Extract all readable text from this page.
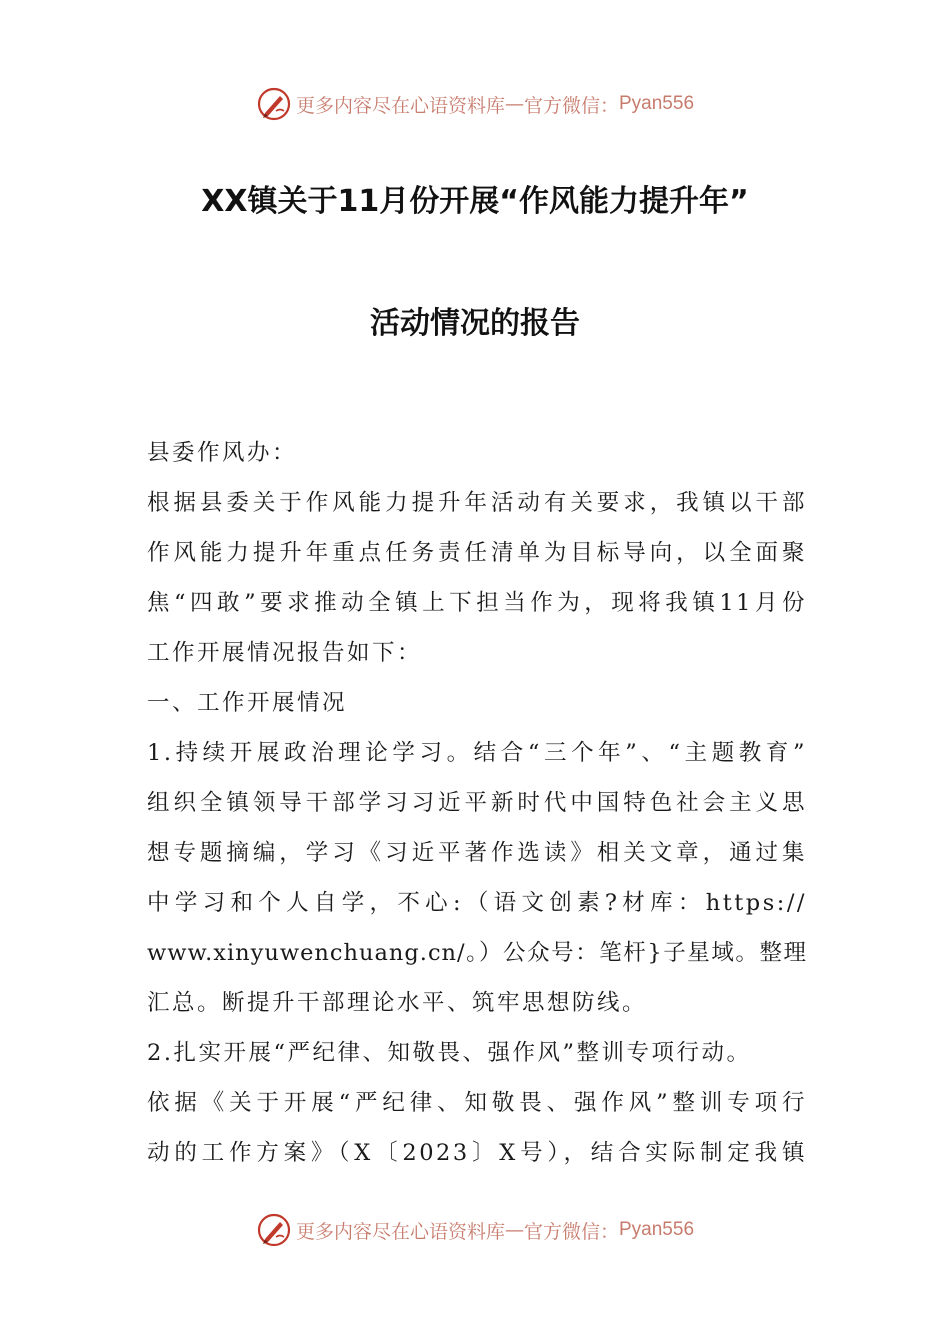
更多内容尽在心语资料库 — 官方微信： Pyan556
XX镇关于11月份开展“作风能力提升年”
活动情况的报告

县委作风办：

根据县委关于作风能力提升年活动有关要求，我镇以干部

作风能力提升年重点任务责任清单为目标导向，以全面聚

焦“四敢”要求推动全镇上下担当作为，现将我镇11月份

工作开展情况报告如下：

一、工作开展情况

1.持续开展政治理论学习。结合“三个年”、“主题教育”

组织全镇领导干部学习习近平新时代中国特色社会主义思

想专题摘编，学习《习近平著作选读》相关文章，通过集

中学习和个人自学，不心:（语文创素?材库：https://

www.xinyuwenchuang.cn/。）公众号：笔杆}子星域。整理

汇总。断提升干部理论水平、筑牢思想防线。

2.扎实开展“严纪律、知敬畏、强作风”整训专项行动。

依据《关于开展“严纪律、知敬畏、强作风”整训专项行

动的工作方案》（X〔2023〕X号），结合实际制定我镇

更多内容尽在心语资料库 — 官方微信： Pyan556
